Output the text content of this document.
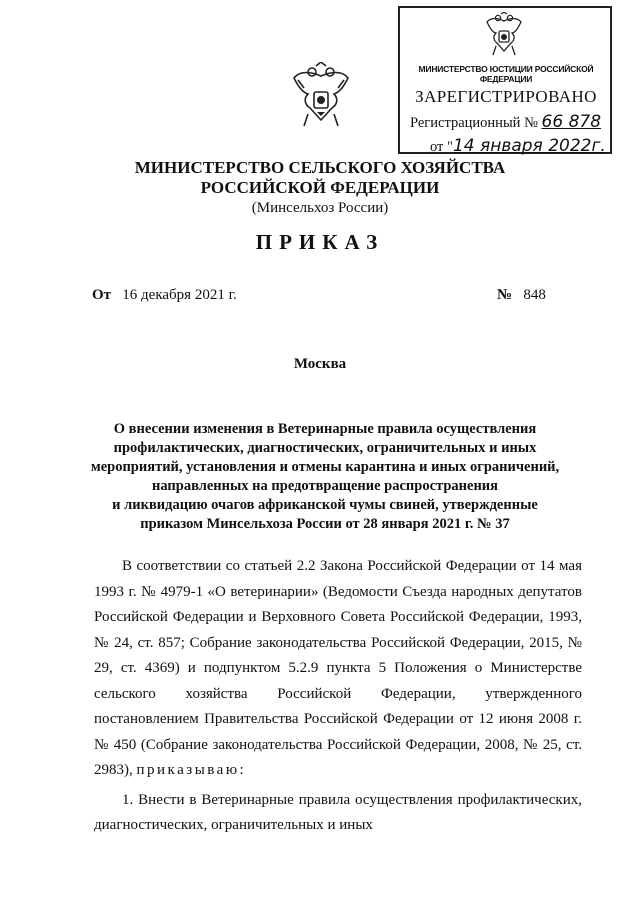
МИНИСТЕРСТВО ЮСТИЦИИ РОССИЙСКОЙ ФЕДЕРАЦИИ
ЗАРЕГИСТРИРОВАНО
Регистрационный № 66 878
от "14 января 2022г.
МИНИСТЕРСТВО СЕЛЬСКОГО ХОЗЯЙСТВА
РОССИЙСКОЙ ФЕДЕРАЦИИ
(Минсельхоз России)
ПРИКАЗ
От 16 декабря 2021 г.	№ 848
Москва
О внесении изменения в Ветеринарные правила осуществления
профилактических, диагностических, ограничительных и иных
мероприятий, установления и отмены карантина и иных ограничений,
направленных на предотвращение распространения
и ликвидацию очагов африканской чумы свиней, утвержденные
приказом Минсельхоза России от 28 января 2021 г. № 37

В соответствии со статьей 2.2 Закона Российской Федерации от 14 мая 1993 г. № 4979-1 «О ветеринарии» (Ведомости Съезда народных депутатов Российской Федерации и Верховного Совета Российской Федерации, 1993, № 24, ст. 857; Собрание законодательства Российской Федерации, 2015, № 29, ст. 4369) и подпунктом 5.2.9 пункта 5 Положения о Министерстве сельского хозяйства Российской Федерации, утвержденного постановлением Правительства Российской Федерации от 12 июня 2008 г. № 450 (Собрание законодательства Российской Федерации, 2008, № 25, ст. 2983), приказываю:

1. Внести в Ветеринарные правила осуществления профилактических, диагностических, ограничительных и иных
